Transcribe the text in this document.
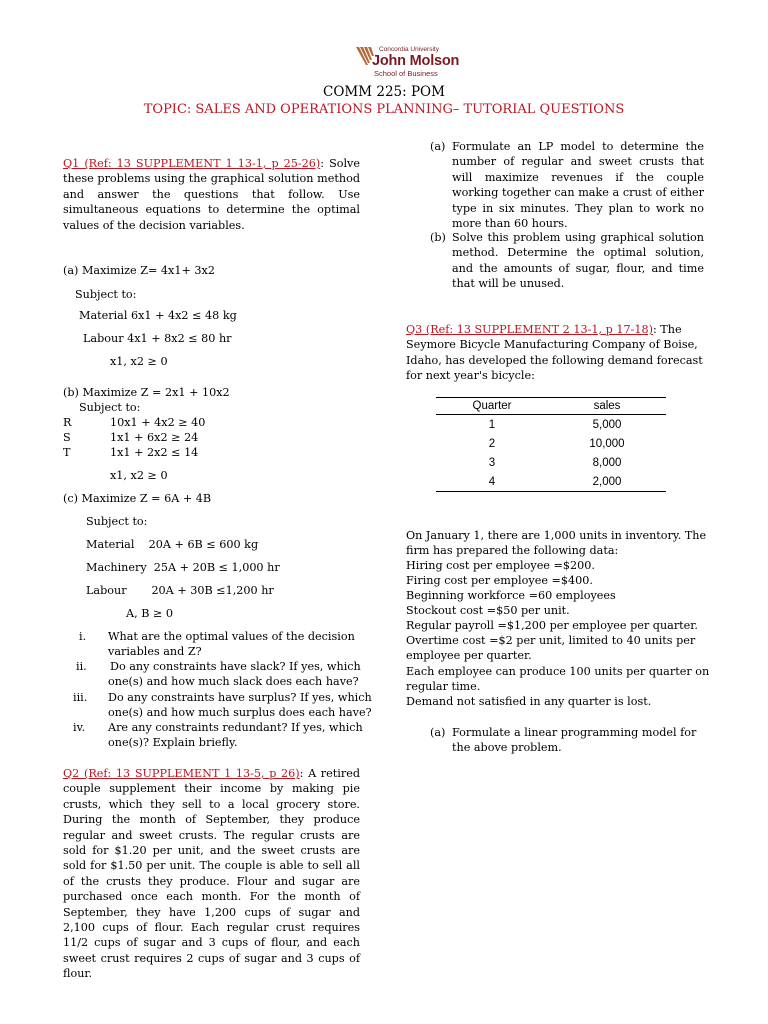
Concordia University
John Molson
School of Business
COMM 225: POM
TOPIC: SALES AND OPERATIONS PLANNING– TUTORIAL QUESTIONS
Q1 (Ref: 13 SUPPLEMENT 1 13-1, p 25-26): Solve these problems using the graphical solution method and answer the questions that follow. Use simultaneous equations to determine the optimal values of the decision variables.
(a) Maximize Z= 4x1+ 3x2
Subject to:
Material 6x1 + 4x2 ≤ 48 kg
Labour 4x1 + 8x2 ≤ 80 hr
x1, x2 ≥ 0
(b) Maximize Z = 2x1 + 10x2
Subject to:
R	10x1 + 4x2 ≥ 40
S	1x1 + 6x2 ≥ 24
T	1x1 + 2x2 ≤ 14
x1, x2 ≥ 0
(c) Maximize Z = 6A + 4B
Subject to:
Material    20A + 6B ≤ 600 kg
Machinery  25A + 20B ≤ 1,000 hr
Labour       20A + 30B ≤1,200 hr
A, B ≥ 0
i. What are the optimal values of the decision
variables and Z?
ii. Do any constraints have slack? If yes, which
one(s) and how much slack does each have?
iii. Do any constraints have surplus? If yes, which
one(s) and how much surplus does each have?
iv. Are any constraints redundant? If yes, which
one(s)? Explain briefly.
Q2 (Ref: 13 SUPPLEMENT 1 13-5, p 26): A retired couple supplement their income by making pie crusts, which they sell to a local grocery store. During the month of September, they produce regular and sweet crusts. The regular crusts are sold for $1.20 per unit, and the sweet crusts are sold for $1.50 per unit. The couple is able to sell all of the crusts they produce. Flour and sugar are purchased once each month. For the month of September, they have 1,200 cups of sugar and 2,100 cups of flour. Each regular crust requires 11/2 cups of sugar and 3 cups of flour, and each sweet crust requires 2 cups of sugar and 3 cups of flour.
(a) Formulate an LP model to determine the number of regular and sweet crusts that will maximize revenues if the couple working together can make a crust of either type in six minutes. They plan to work no more than 60 hours.
(b) Solve this problem using graphical solution method. Determine the optimal solution, and the amounts of sugar, flour, and time that will be unused.
Q3 (Ref: 13 SUPPLEMENT 2 13-1, p 17-18): The Seymore Bicycle Manufacturing Company of Boise, Idaho, has developed the following demand forecast for next year's bicycle:
Quarter	sales
1	5,000
2	10,000
3	8,000
4	2,000
On January 1, there are 1,000 units in inventory. The
firm has prepared the following data:
Hiring cost per employee =$200.
Firing cost per employee =$400.
Beginning workforce =60 employees
Stockout cost =$50 per unit.
Regular payroll =$1,200 per employee per quarter.
Overtime cost =$2 per unit, limited to 40 units per
employee per quarter.
Each employee can produce 100 units per quarter on
regular time.
Demand not satisfied in any quarter is lost.
(a) Formulate a linear programming model for
the above problem.
